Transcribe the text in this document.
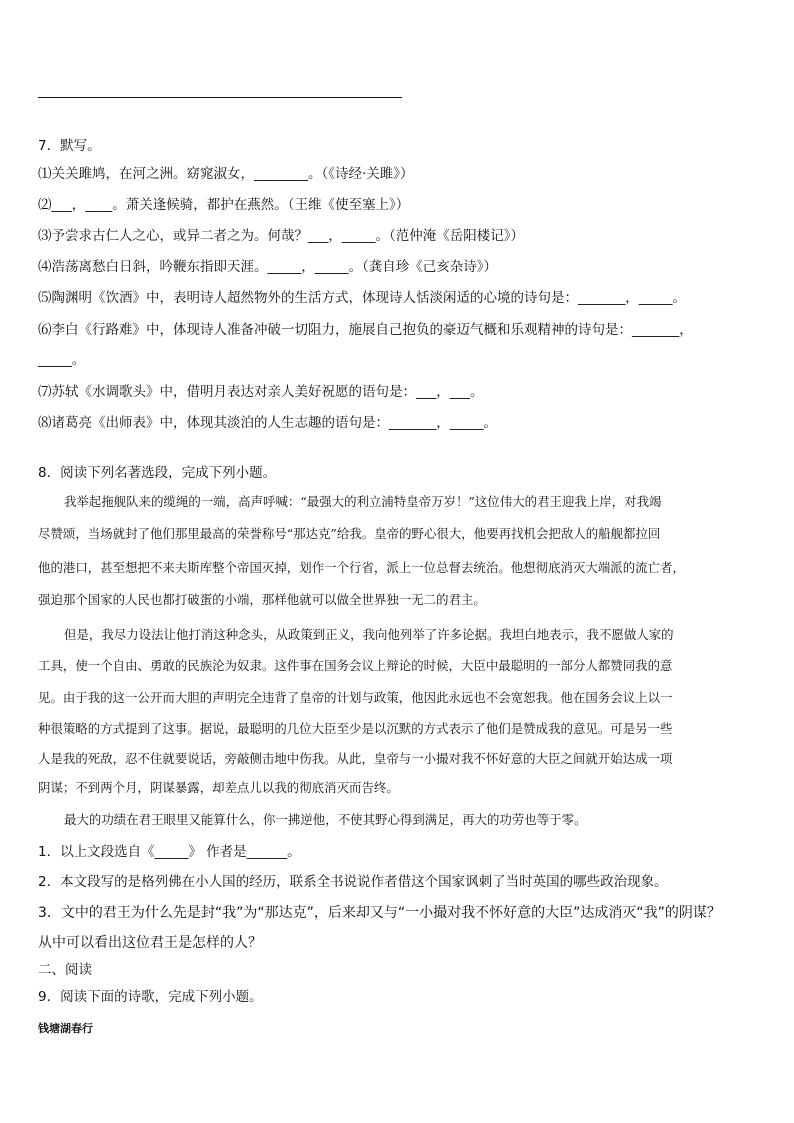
7．默写。
⑴关关雎鸠，在河之洲。窈窕淑女，________。（《诗经·关雎》）
⑵___，____。萧关逢候骑，都护在燕然。（王维《使至塞上》）
⑶予尝求古仁人之心，或异二者之为。何哉？___，_____。（范仲淹《岳阳楼记》）
⑷浩荡离愁白日斜，吟鞭东指即天涯。_____，_____。（龚自珍《己亥杂诗》）
⑸陶渊明《饮酒》中，表明诗人超然物外的生活方式，体现诗人恬淡闲适的心境的诗句是：_______，_____。
⑹李白《行路难》中，体现诗人准备冲破一切阻力，施展自己抱负的豪迈气概和乐观精神的诗句是：_______，
_____。
⑺苏轼《水调歌头》中，借明月表达对亲人美好祝愿的语句是：___，___。
⑻诸葛亮《出师表》中，体现其淡泊的人生志趣的语句是：_______，_____。
8．阅读下列名著选段，完成下列小题。
我举起拖舰队来的缆绳的一端，高声呼喊：“最强大的利立浦特皇帝万岁！”这位伟大的君王迎我上岸，对我竭
尽赞颂，当场就封了他们那里最高的荣誉称号“那达克”给我。皇帝的野心很大，他要再找机会把敌人的船舰都拉回
他的港口，甚至想把不来夫斯库整个帝国灭掉，划作一个行省，派上一位总督去统治。他想彻底消灭大端派的流亡者，
强迫那个国家的人民也都打破蛋的小端，那样他就可以做全世界独一无二的君主。
但是，我尽力设法让他打消这种念头，从政策到正义，我向他列举了许多论据。我坦白地表示，我不愿做人家的
工具，使一个自由、勇敢的民族沦为奴隶。这件事在国务会议上辩论的时候，大臣中最聪明的一部分人都赞同我的意
见。由于我的这一公开而大胆的声明完全违背了皇帝的计划与政策，他因此永远也不会宽恕我。他在国务会议上以一
种很策略的方式提到了这事。据说，最聪明的几位大臣至少是以沉默的方式表示了他们是赞成我的意见。可是另一些
人是我的死敌，忍不住就要说话，旁敲侧击地中伤我。从此，皇帝与一小撮对我不怀好意的大臣之间就开始达成一项
阴谋；不到两个月，阴谋暴露，却差点儿以我的彻底消灭而告终。
最大的功绩在君王眼里又能算什么，你一拂逆他，不使其野心得到满足，再大的功劳也等于零。
1．以上文段选自《_____》 作者是______。
2．本文段写的是格列佛在小人国的经历，联系全书说说作者借这个国家讽刺了当时英国的哪些政治现象。
3．文中的君王为什么先是封“我”为“那达克”，后来却又与“一小撮对我不怀好意的大臣”达成消灭“我”的阴谋？
从中可以看出这位君王是怎样的人？
二、阅读
9．阅读下面的诗歌，完成下列小题。
钱塘湖春行
